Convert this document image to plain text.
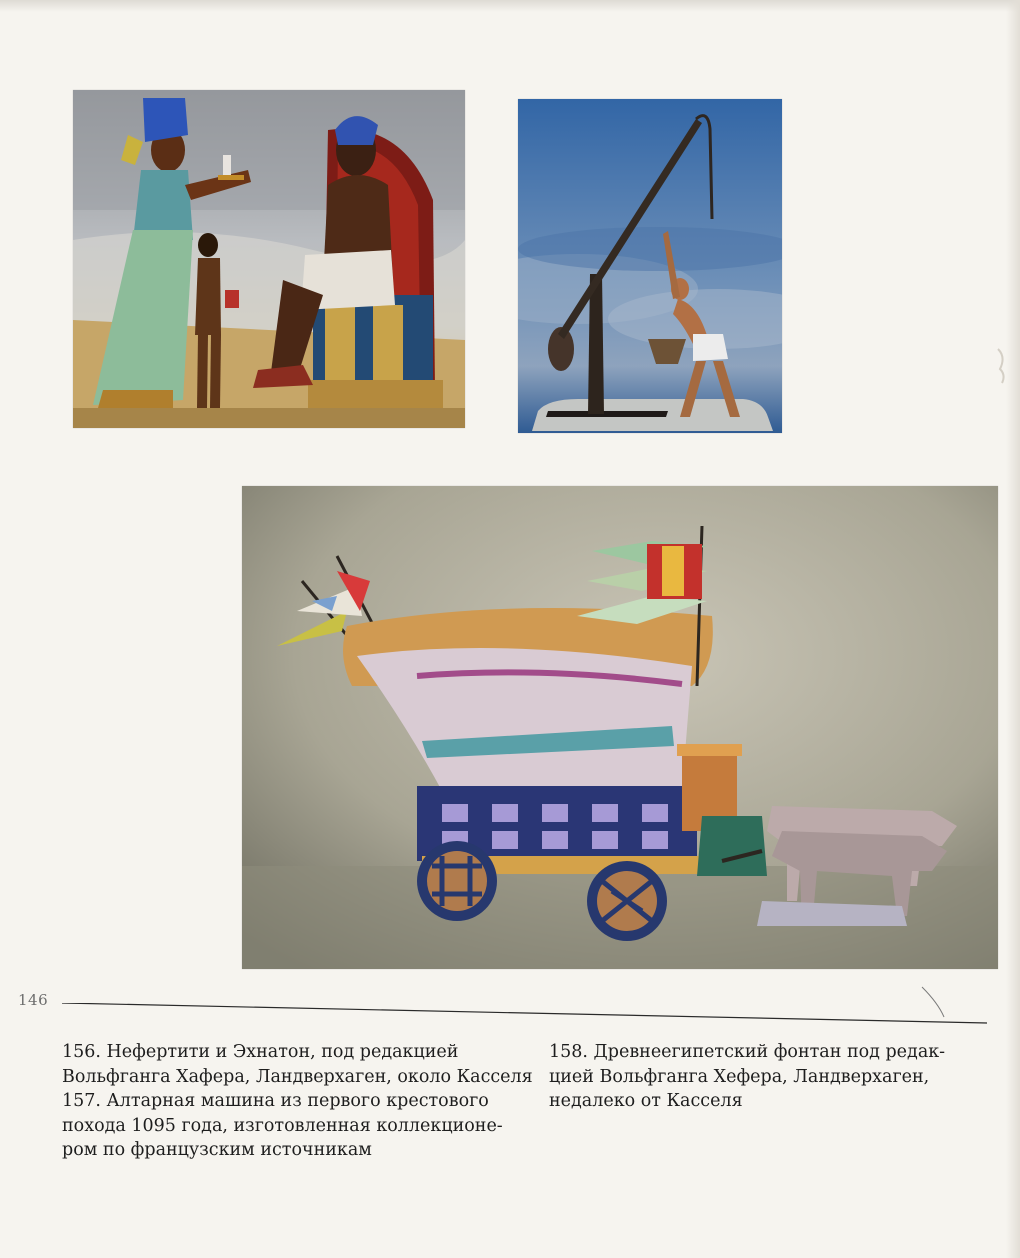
146
156. Нефертити и Эхнатон, под редакцией
Вольфганга Хафера, Ландверхаген, около Касселя
157. Алтарная машина из первого крестового
похода 1095 года, изготовленная коллекционе-
ром по французским источникам
158. Древнеегипетский фонтан под редак-
цией Вольфганга Хефера, Ландверхаген,
недалеко от Касселя
